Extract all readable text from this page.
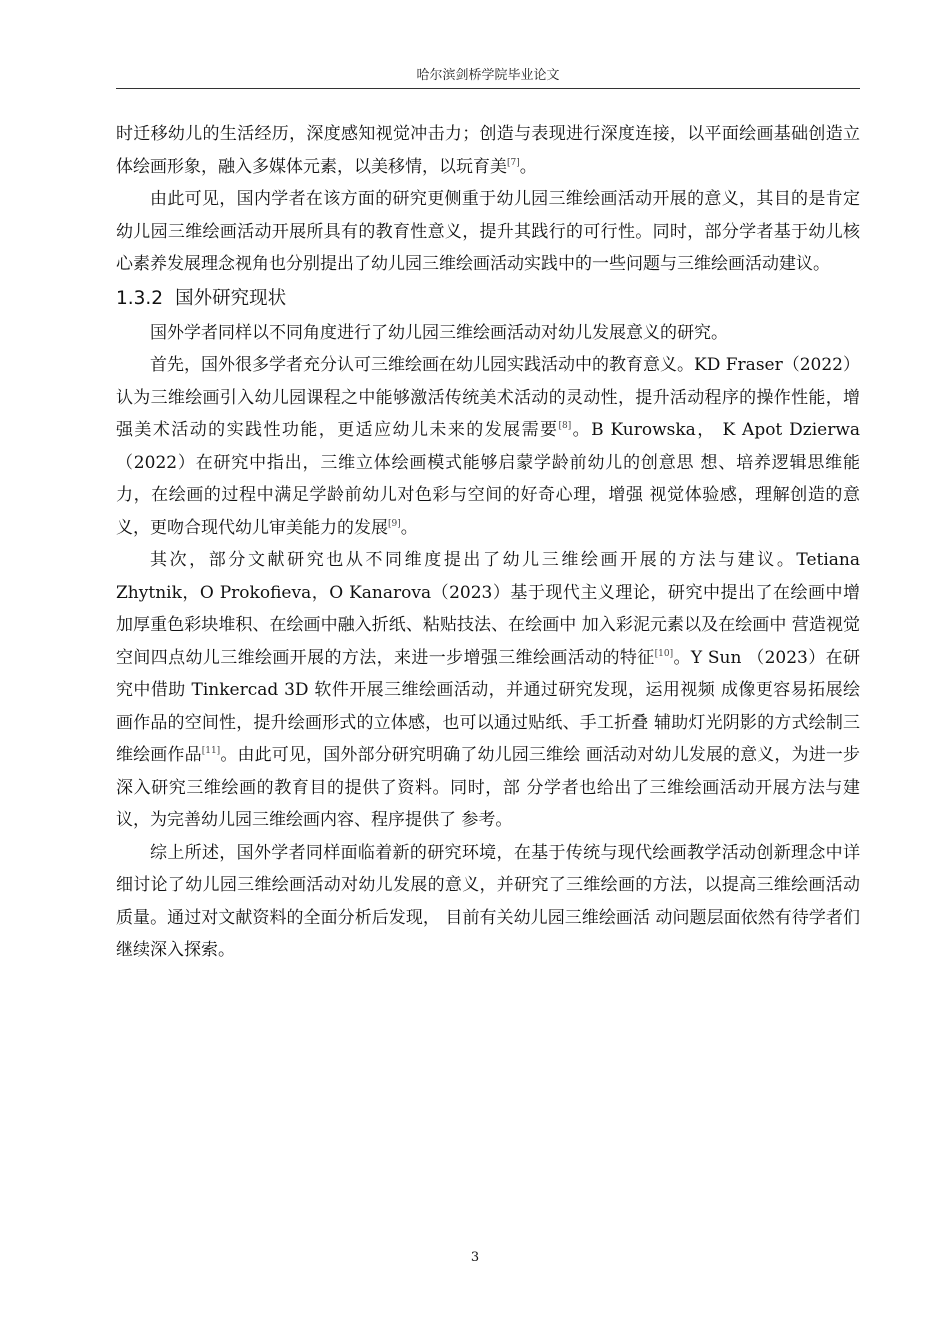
哈尔滨剑桥学院毕业论文

时迁移幼儿的生活经历，深度感知视觉冲击力；创造与表现进行深度连接，以平面绘画基础创造立体绘画形象，融入多媒体元素，以美移情，以玩育美[7]。

由此可见，国内学者在该方面的研究更侧重于幼儿园三维绘画活动开展的意义，其目的是肯定幼儿园三维绘画活动开展所具有的教育性意义，提升其践行的可行性。同时，部分学者基于幼儿核心素养发展理念视角也分别提出了幼儿园三维绘画活动实践中的一些问题与三维绘画活动建议。

1.3.2 国外研究现状

国外学者同样以不同角度进行了幼儿园三维绘画活动对幼儿发展意义的研究。

首先，国外很多学者充分认可三维绘画在幼儿园实践活动中的教育意义。KD Fraser（2022）认为三维绘画引入幼儿园课程之中能够激活传统美术活动的灵动性，提升活动程序的操作性能，增强美术活动的实践性功能，更适应幼儿未来的发展需要[8]。B Kurowska， K Apot Dzierwa（2022）在研究中指出，三维立体绘画模式能够启蒙学龄前幼儿的创意思 想、培养逻辑思维能力，在绘画的过程中满足学龄前幼儿对色彩与空间的好奇心理，增强 视觉体验感，理解创造的意义，更吻合现代幼儿审美能力的发展[9]。

其次，部分文献研究也从不同维度提出了幼儿三维绘画开展的方法与建议。Tetiana Zhytnik，O Prokofieva，O Kanarova（2023）基于现代主义理论，研究中提出了在绘画中增 加厚重色彩块堆积、在绘画中融入折纸、粘贴技法、在绘画中 加入彩泥元素以及在绘画中 营造视觉空间四点幼儿三维绘画开展的方法，来进一步增强三维绘画活动的特征[10]。Y Sun （2023）在研究中借助 Tinkercad 3D 软件开展三维绘画活动，并通过研究发现，运用视频 成像更容易拓展绘画作品的空间性，提升绘画形式的立体感，也可以通过贴纸、手工折叠 辅助灯光阴影的方式绘制三维绘画作品[11]。由此可见，国外部分研究明确了幼儿园三维绘 画活动对幼儿发展的意义，为进一步深入研究三维绘画的教育目的提供了资料。同时，部 分学者也给出了三维绘画活动开展方法与建议，为完善幼儿园三维绘画内容、程序提供了 参考。

综上所述，国外学者同样面临着新的研究环境，在基于传统与现代绘画教学活动创新理念中详细讨论了幼儿园三维绘画活动对幼儿发展的意义，并研究了三维绘画的方法，以提高三维绘画活动质量。通过对文献资料的全面分析后发现， 目前有关幼儿园三维绘画活 动问题层面依然有待学者们继续深入探索。

3
